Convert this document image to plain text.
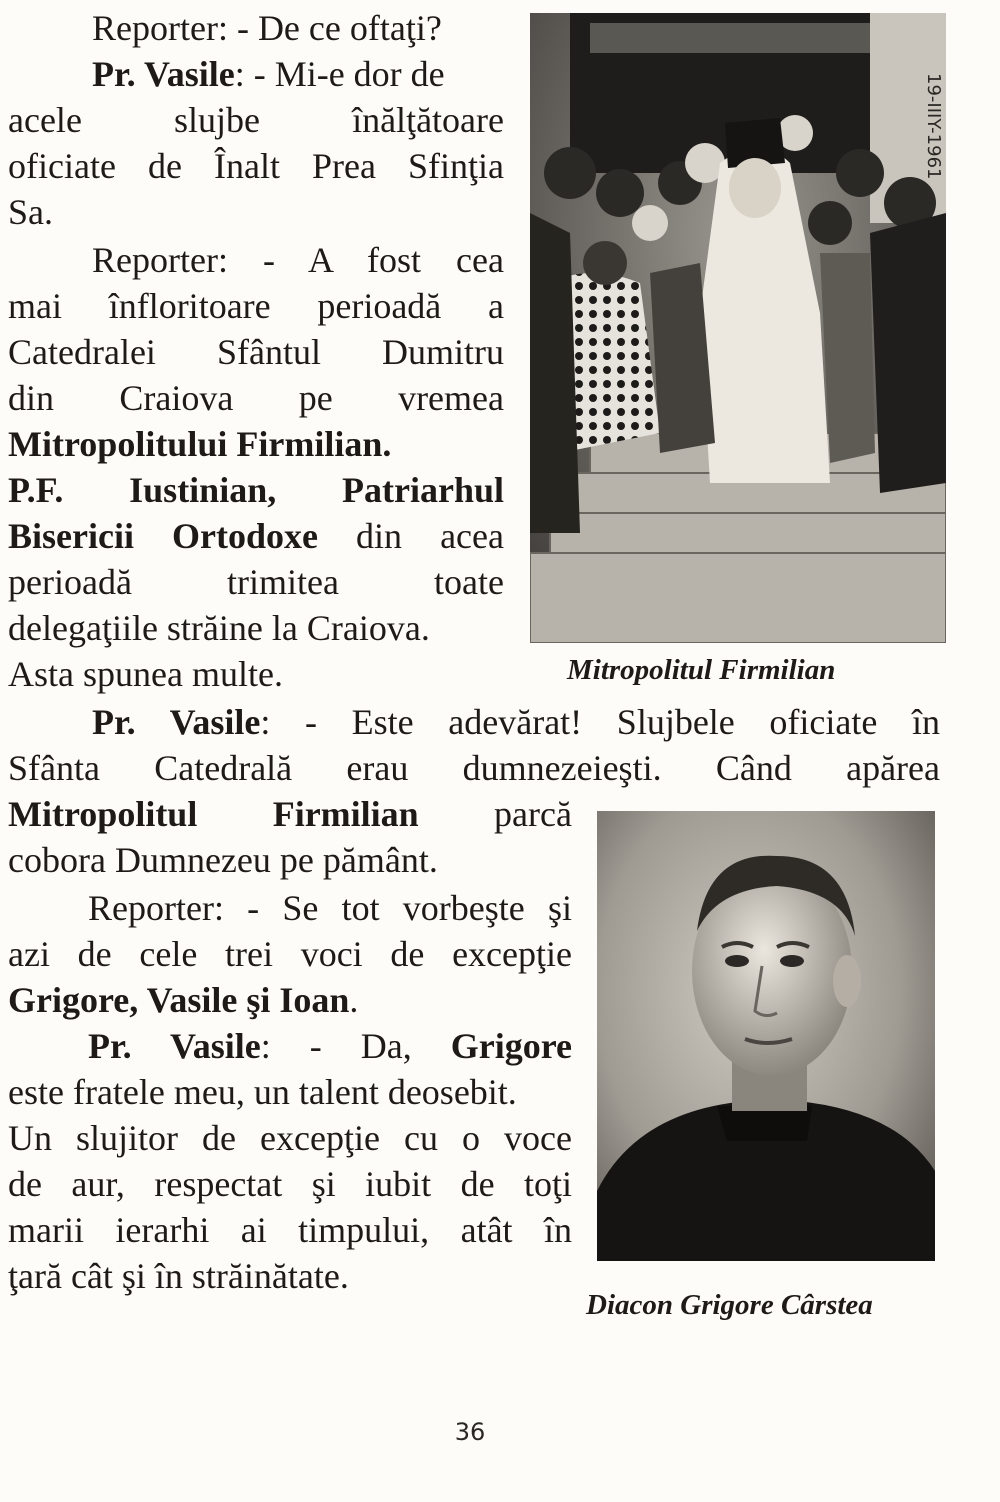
Reporter: - De ce oftaţi?
Pr. Vasile: - Mi-e dor de
acele slujbe înălţătoare
oficiate de Înalt Prea Sfinţia
Sa.
Reporter: - A fost cea
mai înfloritoare perioadă a
Catedralei Sfântul Dumitru
din Craiova pe vremea
Mitropolitului Firmilian.
P.F. Iustinian, Patriarhul
Bisericii Ortodoxe din acea
perioadă trimitea toate
delegaţiile străine la Craiova.
Asta spunea multe.
Pr. Vasile: - Este adevărat! Slujbele oficiate în
Sfânta Catedrală erau dumnezeieşti. Când apărea
Mitropolitul Firmilian parcă
cobora Dumnezeu pe pământ.
Reporter: - Se tot vorbeşte şi
azi de cele trei voci de excepţie
Grigore, Vasile şi Ioan.
Pr. Vasile: - Da, Grigore
este fratele meu, un talent deosebit.
Un slujitor de excepţie cu o voce
de aur, respectat şi iubit de toţi
marii ierarhi ai timpului, atât în
ţară cât şi în străinătate.
19-IIIY-1961
Mitropolitul Firmilian
Diacon Grigore Cârstea
36
